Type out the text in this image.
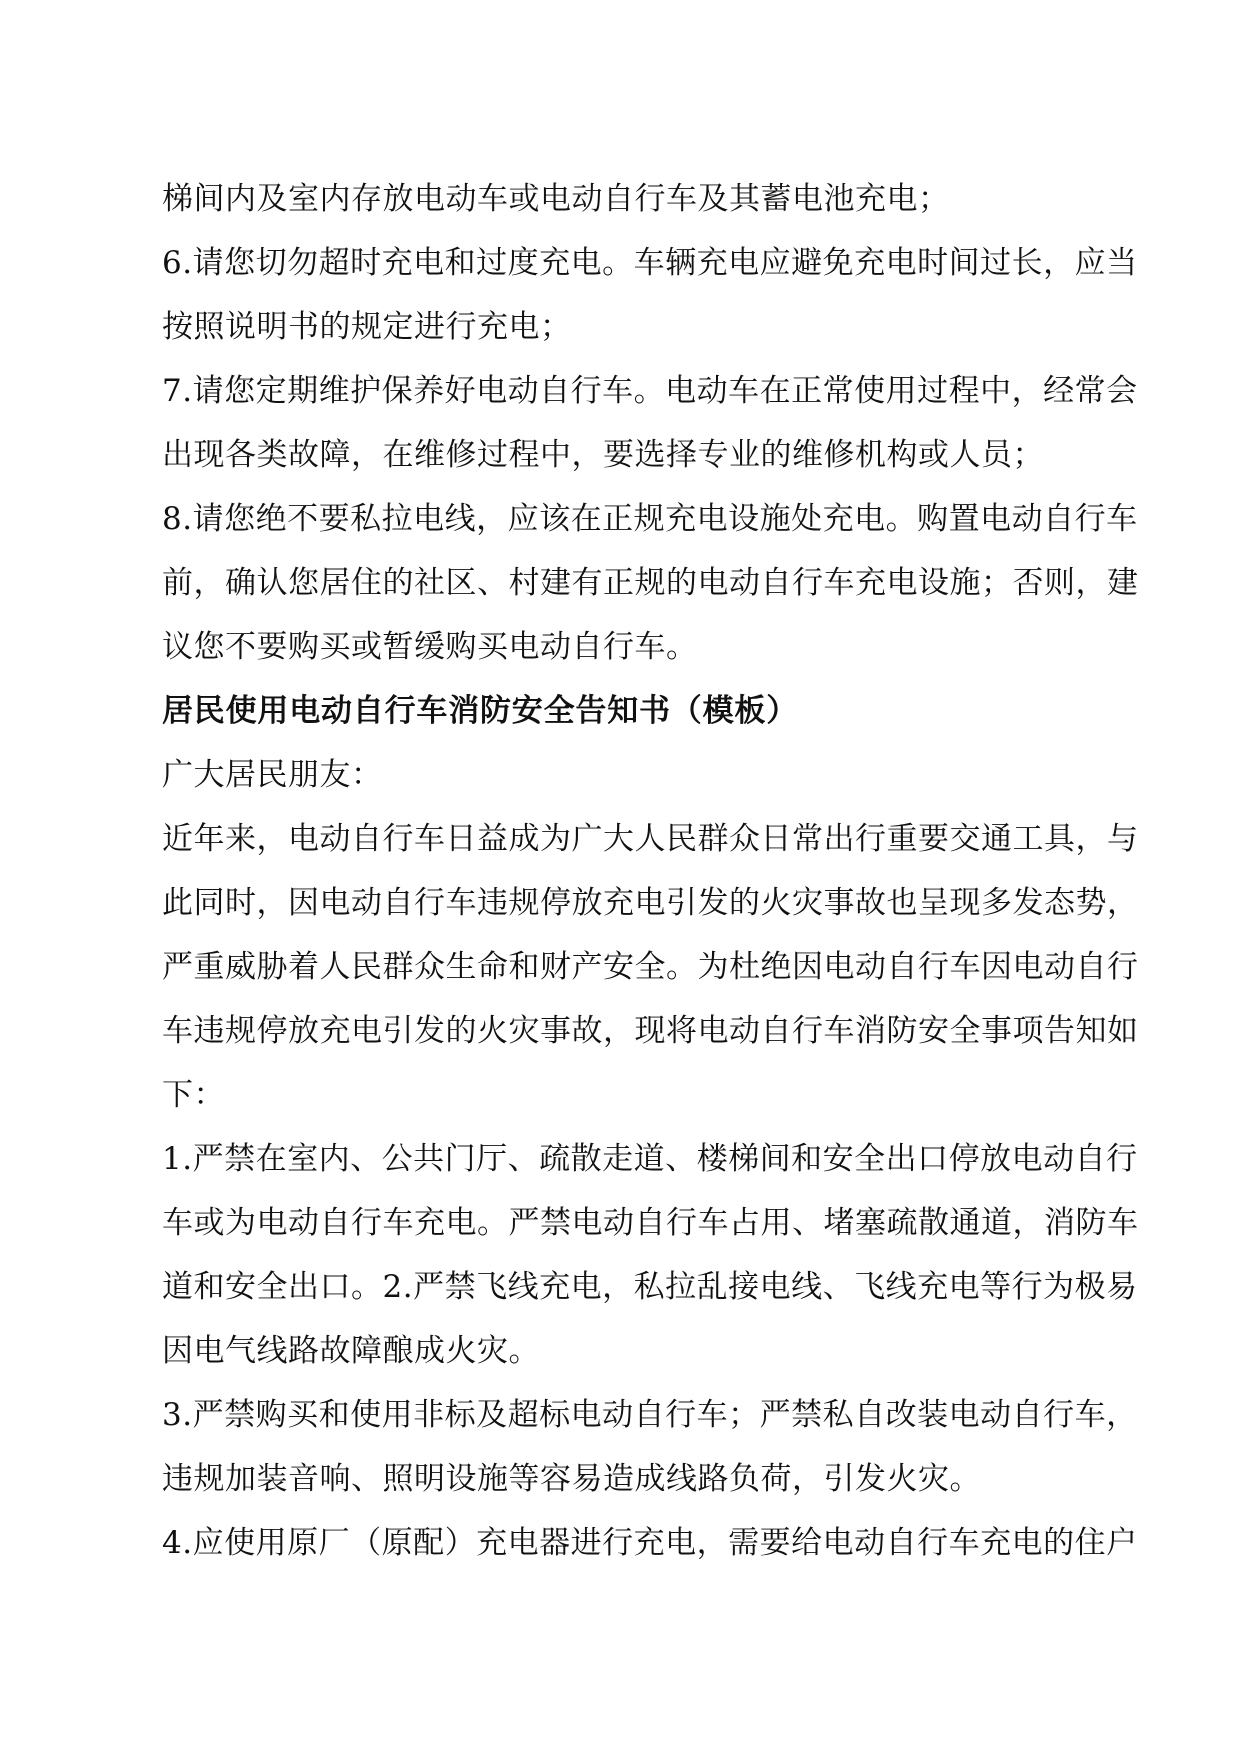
梯间内及室内存放电动车或电动自行车及其蓄电池充电；
6.请您切勿超时充电和过度充电。车辆充电应避免充电时间过长，应当
按照说明书的规定进行充电；
7.请您定期维护保养好电动自行车。电动车在正常使用过程中，经常会
出现各类故障，在维修过程中，要选择专业的维修机构或人员；
8.请您绝不要私拉电线，应该在正规充电设施处充电。购置电动自行车
前，确认您居住的社区、村建有正规的电动自行车充电设施；否则，建
议您不要购买或暂缓购买电动自行车。
居民使用电动自行车消防安全告知书（模板）
广大居民朋友：
近年来，电动自行车日益成为广大人民群众日常出行重要交通工具，与
此同时，因电动自行车违规停放充电引发的火灾事故也呈现多发态势，
严重威胁着人民群众生命和财产安全。为杜绝因电动自行车因电动自行
车违规停放充电引发的火灾事故，现将电动自行车消防安全事项告知如
下：
1.严禁在室内、公共门厅、疏散走道、楼梯间和安全出口停放电动自行
车或为电动自行车充电。严禁电动自行车占用、堵塞疏散通道，消防车
道和安全出口。2.严禁飞线充电，私拉乱接电线、飞线充电等行为极易
因电气线路故障酿成火灾。
3.严禁购买和使用非标及超标电动自行车；严禁私自改装电动自行车，
违规加装音响、照明设施等容易造成线路负荷，引发火灾。
4.应使用原厂（原配）充电器进行充电，需要给电动自行车充电的住户
